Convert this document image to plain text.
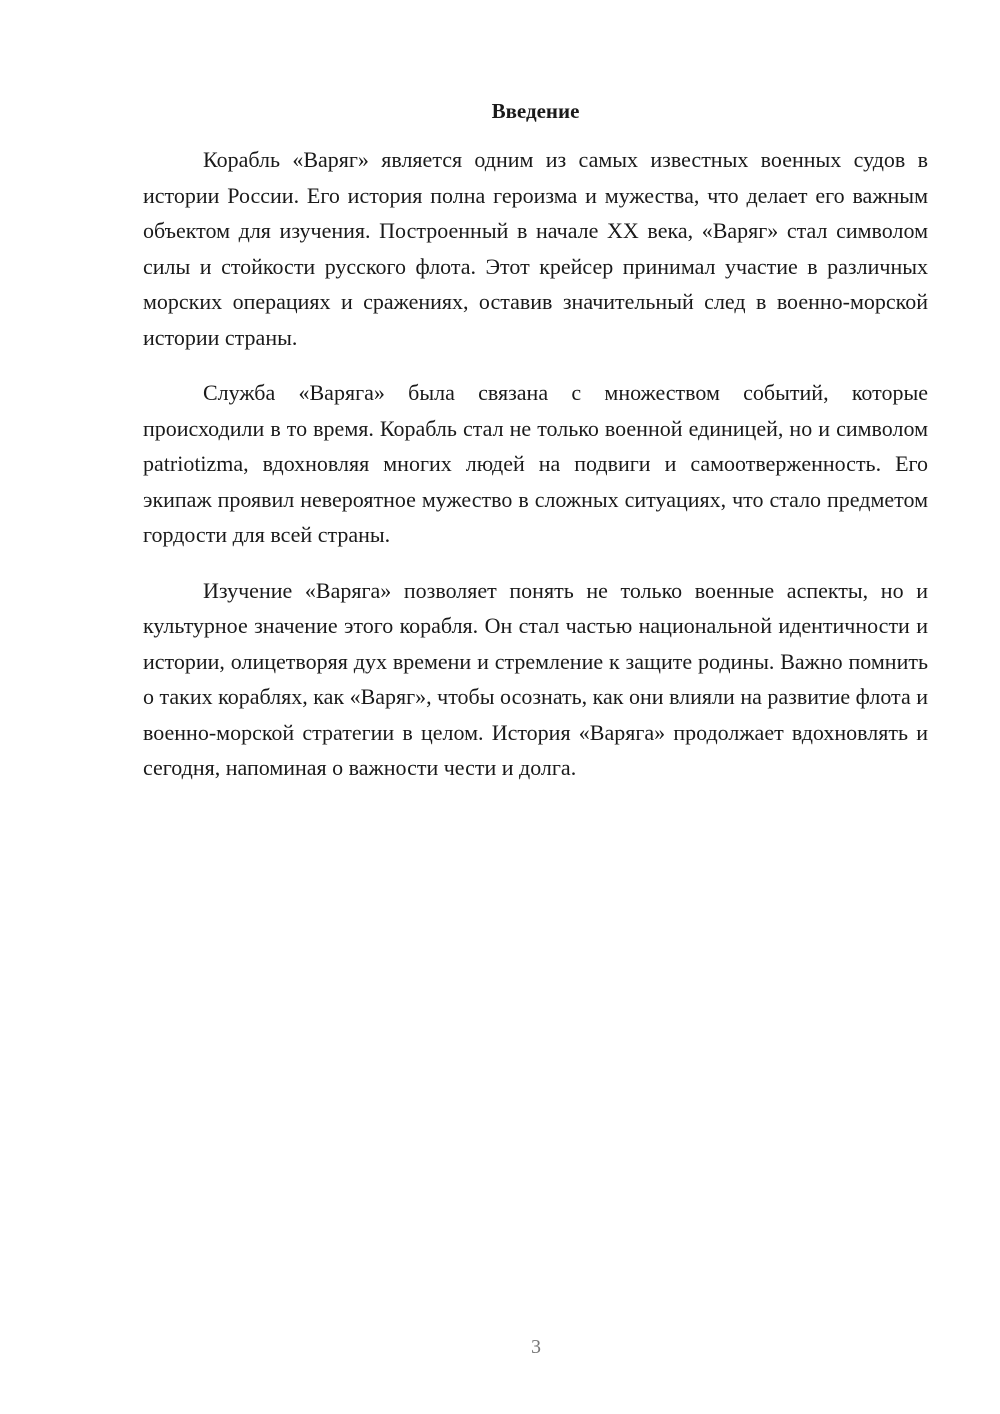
Введение

Корабль «Варяг» является одним из самых известных военных судов в истории России. Его история полна героизма и мужества, что делает его важным объектом для изучения. Построенный в начале XX века, «Варяг» стал символом силы и стойкости русского флота. Этот крейсер принимал участие в различных морских операциях и сражениях, оставив значительный след в военно-морской истории страны.

Служба «Варяга» была связана с множеством событий, которые происходили в то время. Корабль стал не только военной единицей, но и символом patriotizma, вдохновляя многих людей на подвиги и самоотверженность. Его экипаж проявил невероятное мужество в сложных ситуациях, что стало предметом гордости для всей страны.

Изучение «Варяга» позволяет понять не только военные аспекты, но и культурное значение этого корабля. Он стал частью национальной идентичности и истории, олицетворяя дух времени и стремление к защите родины. Важно помнить о таких кораблях, как «Варяг», чтобы осознать, как они влияли на развитие флота и военно-морской стратегии в целом. История «Варяга» продолжает вдохновлять и сегодня, напоминая о важности чести и долга.

3
